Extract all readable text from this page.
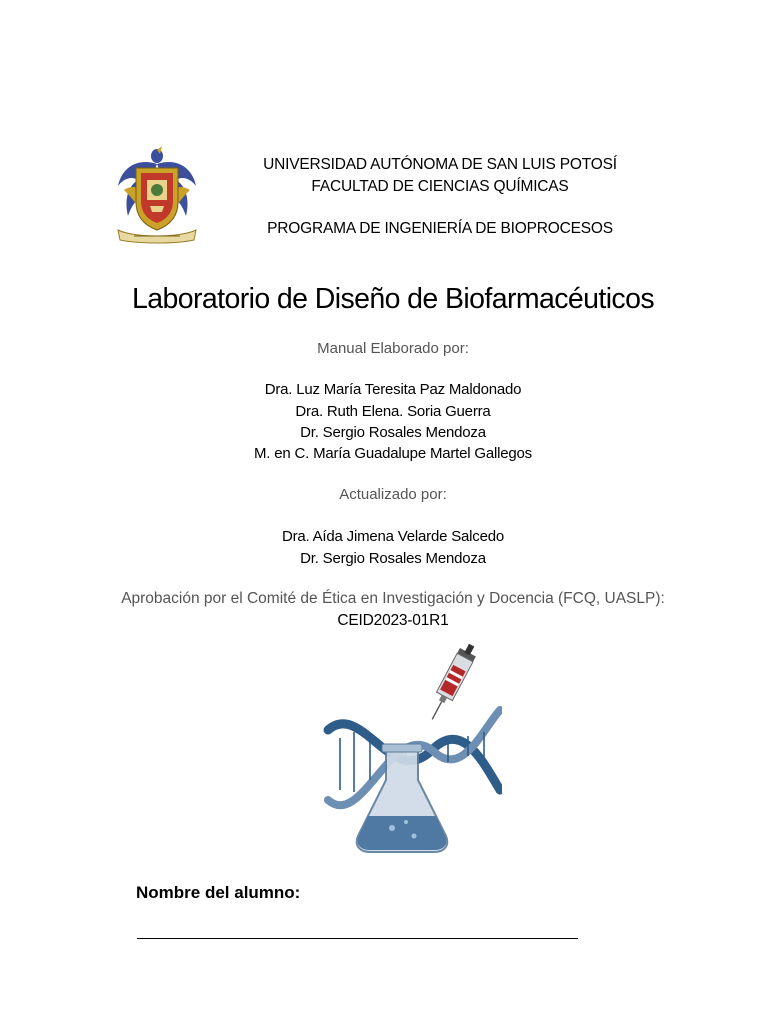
UNIVERSIDAD AUTÓNOMA DE SAN LUIS POTOSÍ
FACULTAD DE CIENCIAS QUÍMICAS
PROGRAMA DE INGENIERÍA DE BIOPROCESOS
Laboratorio de Diseño de Biofarmacéuticos
Manual Elaborado por:
Dra. Luz María Teresita Paz Maldonado
Dra. Ruth Elena. Soria Guerra
Dr. Sergio Rosales Mendoza
M. en C. María Guadalupe Martel Gallegos
Actualizado por:
Dra. Aída Jimena Velarde Salcedo
Dr. Sergio Rosales Mendoza
Aprobación por el Comité de Ética en Investigación y Docencia (FCQ, UASLP):
CEID2023-01R1
Nombre del alumno:
